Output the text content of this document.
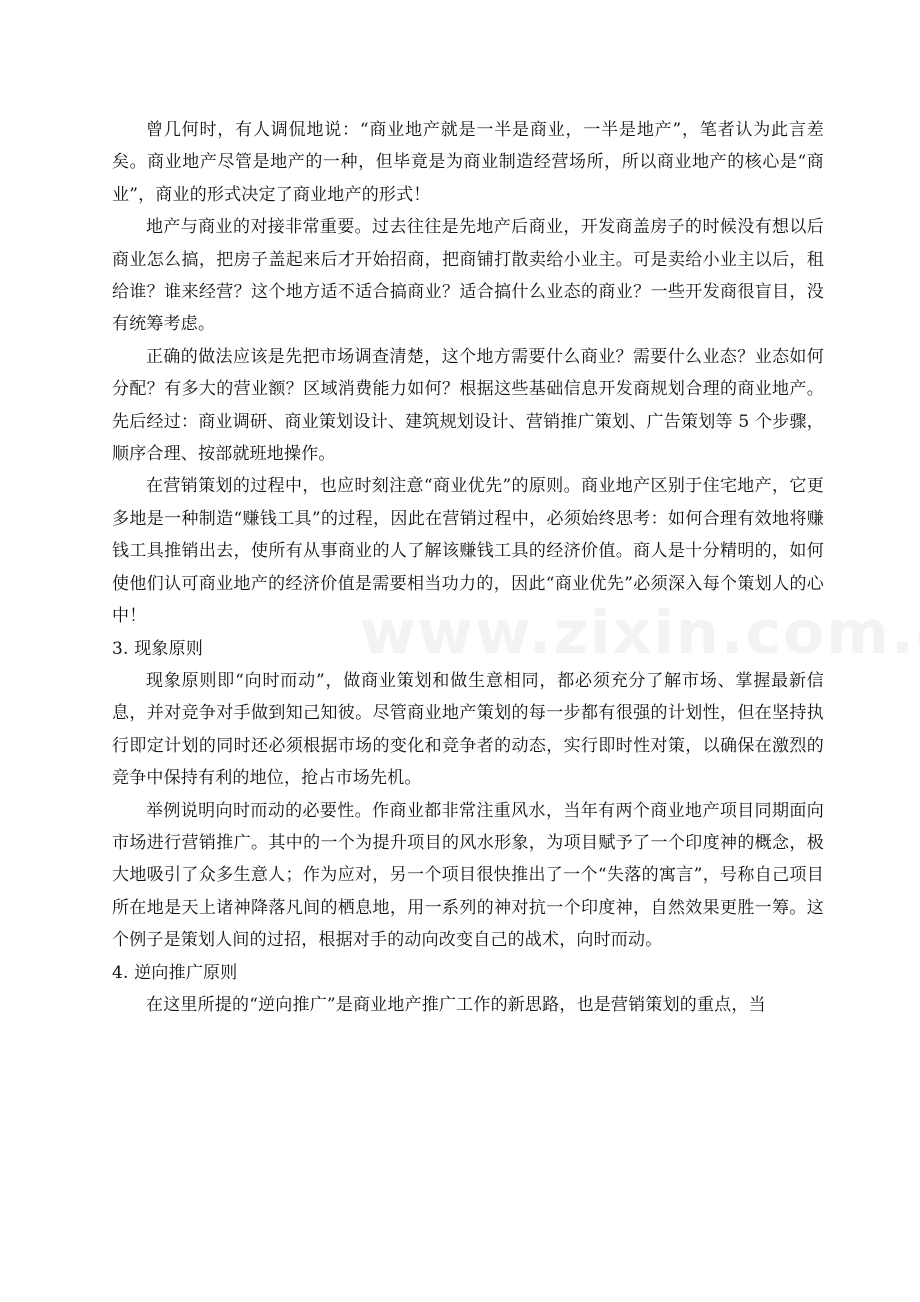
曾几何时，有人调侃地说：“商业地产就是一半是商业，一半是地产”，笔者认为此言差矣。商业地产尽管是地产的一种，但毕竟是为商业制造经营场所，所以商业地产的核心是“商业”，商业的形式决定了商业地产的形式！

地产与商业的对接非常重要。过去往往是先地产后商业，开发商盖房子的时候没有想以后商业怎么搞，把房子盖起来后才开始招商，把商铺打散卖给小业主。可是卖给小业主以后，租给谁？谁来经营？这个地方适不适合搞商业？适合搞什么业态的商业？一些开发商很盲目，没有统筹考虑。

正确的做法应该是先把市场调查清楚，这个地方需要什么商业？需要什么业态？业态如何分配？有多大的营业额？区域消费能力如何？根据这些基础信息开发商规划合理的商业地产。先后经过：商业调研、商业策划设计、建筑规划设计、营销推广策划、广告策划等 5 个步骤，顺序合理、按部就班地操作。

在营销策划的过程中，也应时刻注意“商业优先”的原则。商业地产区别于住宅地产，它更多地是一种制造“赚钱工具”的过程，因此在营销过程中，必须始终思考：如何合理有效地将赚钱工具推销出去，使所有从事商业的人了解该赚钱工具的经济价值。商人是十分精明的，如何使他们认可商业地产的经济价值是需要相当功力的，因此“商业优先”必须深入每个策划人的心中！

3. 现象原则

现象原则即“向时而动”，做商业策划和做生意相同，都必须充分了解市场、掌握最新信息，并对竞争对手做到知己知彼。尽管商业地产策划的每一步都有很强的计划性，但在坚持执行即定计划的同时还必须根据市场的变化和竞争者的动态，实行即时性对策，以确保在激烈的竞争中保持有利的地位，抢占市场先机。

举例说明向时而动的必要性。作商业都非常注重风水，当年有两个商业地产项目同期面向市场进行营销推广。其中的一个为提升项目的风水形象，为项目赋予了一个印度神的概念，极大地吸引了众多生意人；作为应对，另一个项目很快推出了一个“失落的寓言”，号称自己项目所在地是天上诸神降落凡间的栖息地，用一系列的神对抗一个印度神，自然效果更胜一筹。这个例子是策划人间的过招，根据对手的动向改变自己的战术，向时而动。

4. 逆向推广原则

在这里所提的“逆向推广”是商业地产推广工作的新思路，也是营销策划的重点，当
